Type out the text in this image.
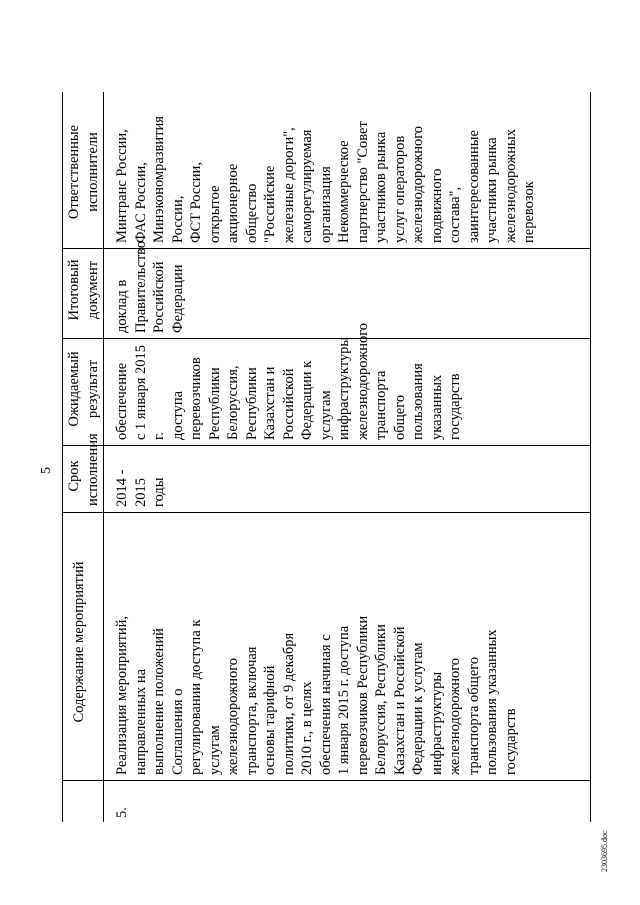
5
Содержание мероприятий
Срок
исполнения
Ожидаемый
результат
Итоговый
документ
Ответственные
исполнители
5.
Реализация мероприятий,
направленных на
выполнение положений
Соглашения о
регулировании доступа к
услугам
железнодорожного
транспорта, включая
основы тарифной
политики, от 9 декабря
2010 г., в целях
обеспечения начиная с
1 января 2015 г. доступа
перевозчиков Республики
Белоруссия, Республики
Казахстан и Российской
Федерации к услугам
инфраструктуры
железнодорожного
транспорта общего
пользования указанных
государств
2014 - 2015
годы
обеспечение
с 1 января 2015 г.
доступа
перевозчиков
Республики
Белоруссия,
Республики
Казахстан и
Российской
Федерации к
услугам
инфраструктуры
железнодорожного
транспорта общего
пользования
указанных
государств
доклад в
Правительство
Российской
Федерации
Минтранс России,
ФАС России,
Минэкономразвития
России,
ФСТ России,
открытое
акционерное
общество
"Российские
железные дороги",
саморегулируемая
организация
Некоммерческое
партнерство "Совет
участников рынка
услуг операторов
железнодорожного
подвижного
состава",
заинтересованные
участники рынка
железнодорожных
перевозок
2303695.doc
